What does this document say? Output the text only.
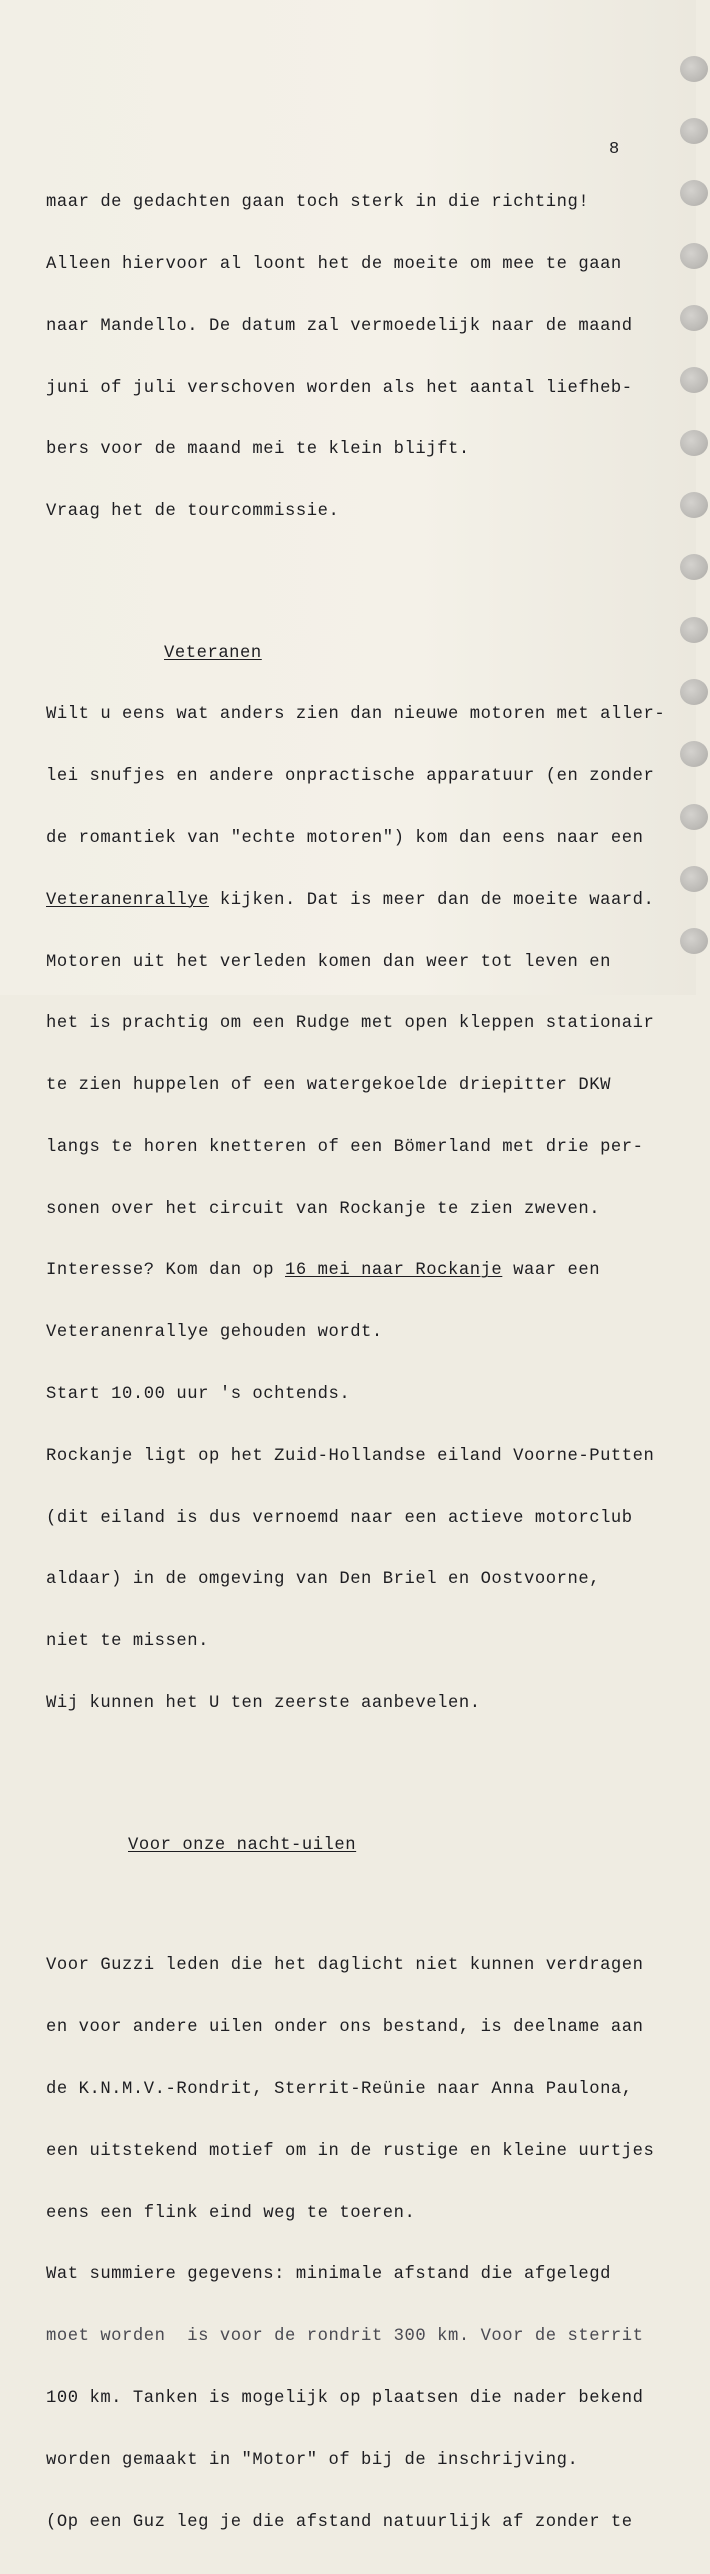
8

maar de gedachten gaan toch sterk in die richting!

Alleen hiervoor al loont het de moeite om mee te gaan

naar Mandello. De datum zal vermoedelijk naar de maand

juni of juli verschoven worden als het aantal liefheb-

bers voor de maand mei te klein blijft.

Vraag het de tourcommissie.

Veteranen

Wilt u eens wat anders zien dan nieuwe motoren met aller-

lei snufjes en andere onpractische apparatuur (en zonder

de romantiek van "echte motoren") kom dan eens naar een

Veteranenrallye kijken. Dat is meer dan de moeite waard.

Motoren uit het verleden komen dan weer tot leven en

het is prachtig om een Rudge met open kleppen stationair

te zien huppelen of een watergekoelde driepitter DKW

langs te horen knetteren of een Bömerland met drie per-

sonen over het circuit van Rockanje te zien zweven.

Interesse? Kom dan op 16 mei naar Rockanje waar een

Veteranenrallye gehouden wordt.

Start 10.00 uur 's ochtends.

Rockanje ligt op het Zuid-Hollandse eiland Voorne-Putten

(dit eiland is dus vernoemd naar een actieve motorclub

aldaar) in de omgeving van Den Briel en Oostvoorne,

niet te missen.

Wij kunnen het U ten zeerste aanbevelen.

Voor onze nacht-uilen

Voor Guzzi leden die het daglicht niet kunnen verdragen

en voor andere uilen onder ons bestand, is deelname aan

de K.N.M.V.-Rondrit, Sterrit-Reünie naar Anna Paulona,

een uitstekend motief om in de rustige en kleine uurtjes

eens een flink eind weg te toeren.

Wat summiere gegevens: minimale afstand die afgelegd

moet worden  is voor de rondrit 300 km. Voor de sterrit

100 km. Tanken is mogelijk op plaatsen die nader bekend

worden gemaakt in "Motor" of bij de inschrijving.

(Op een Guz leg je die afstand natuurlijk af zonder te
